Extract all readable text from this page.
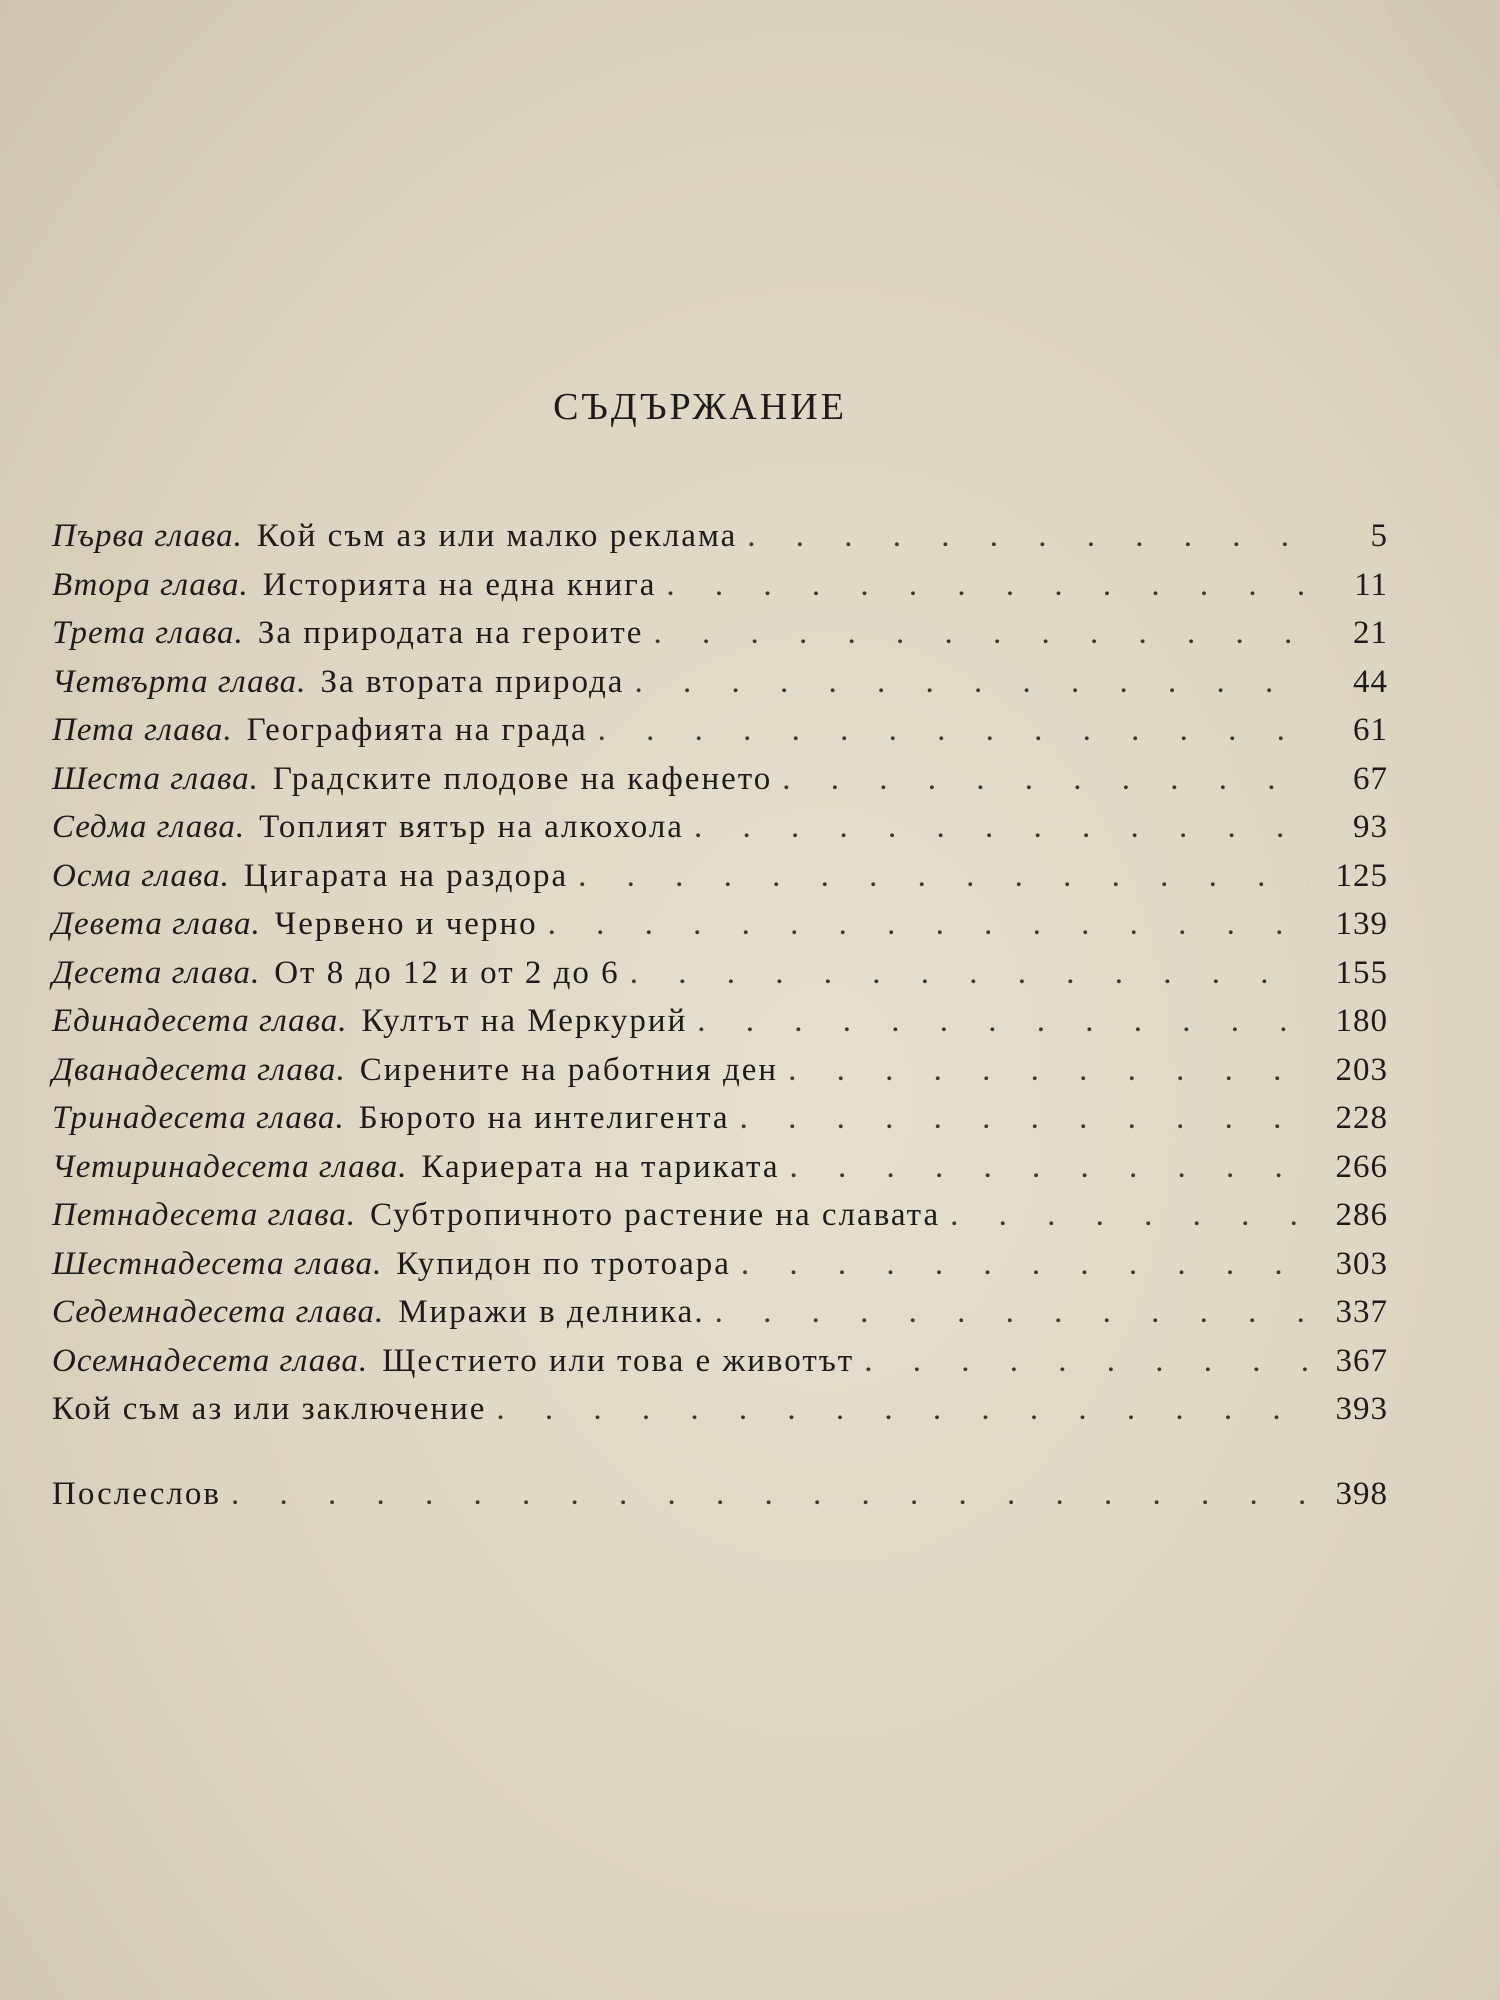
СЪДЪРЖАНИЕ
Първа глава. Кой съм аз или малко реклама . . .	5
Втора глава. Историята на една книга . . .	11
Трета глава. За природата на героите . . .	21
Четвърта глава. За втората природа . . .	44
Пета глава. Географията на града . . .	61
Шеста глава. Градските плодове на кафенето . . .	67
Седма глава. Топлият вятър на алкохола . . .	93
Осма глава. Цигарата на раздора . . .	125
Девета глава. Червено и черно . . .	139
Десета глава. От 8 до 12 и от 2 до 6 . . .	155
Единадесета глава. Култът на Меркурий . . .	180
Дванадесета глава. Сирените на работния ден . . .	203
Тринадесета глава. Бюрото на интелигента . . .	228
Четиринадесета глава. Кариерата на тариката . . .	266
Петнадесета глава. Субтропичното растение на славата . . .	286
Шестнадесета глава. Купидон по тротоара . . .	303
Седемнадесета глава. Миражи в делника. . . .	337
Осемнадесета глава. Щестието или това е животът . . .	367
Кой съм аз или заключение . . .	393
Послеслов . . .	398
